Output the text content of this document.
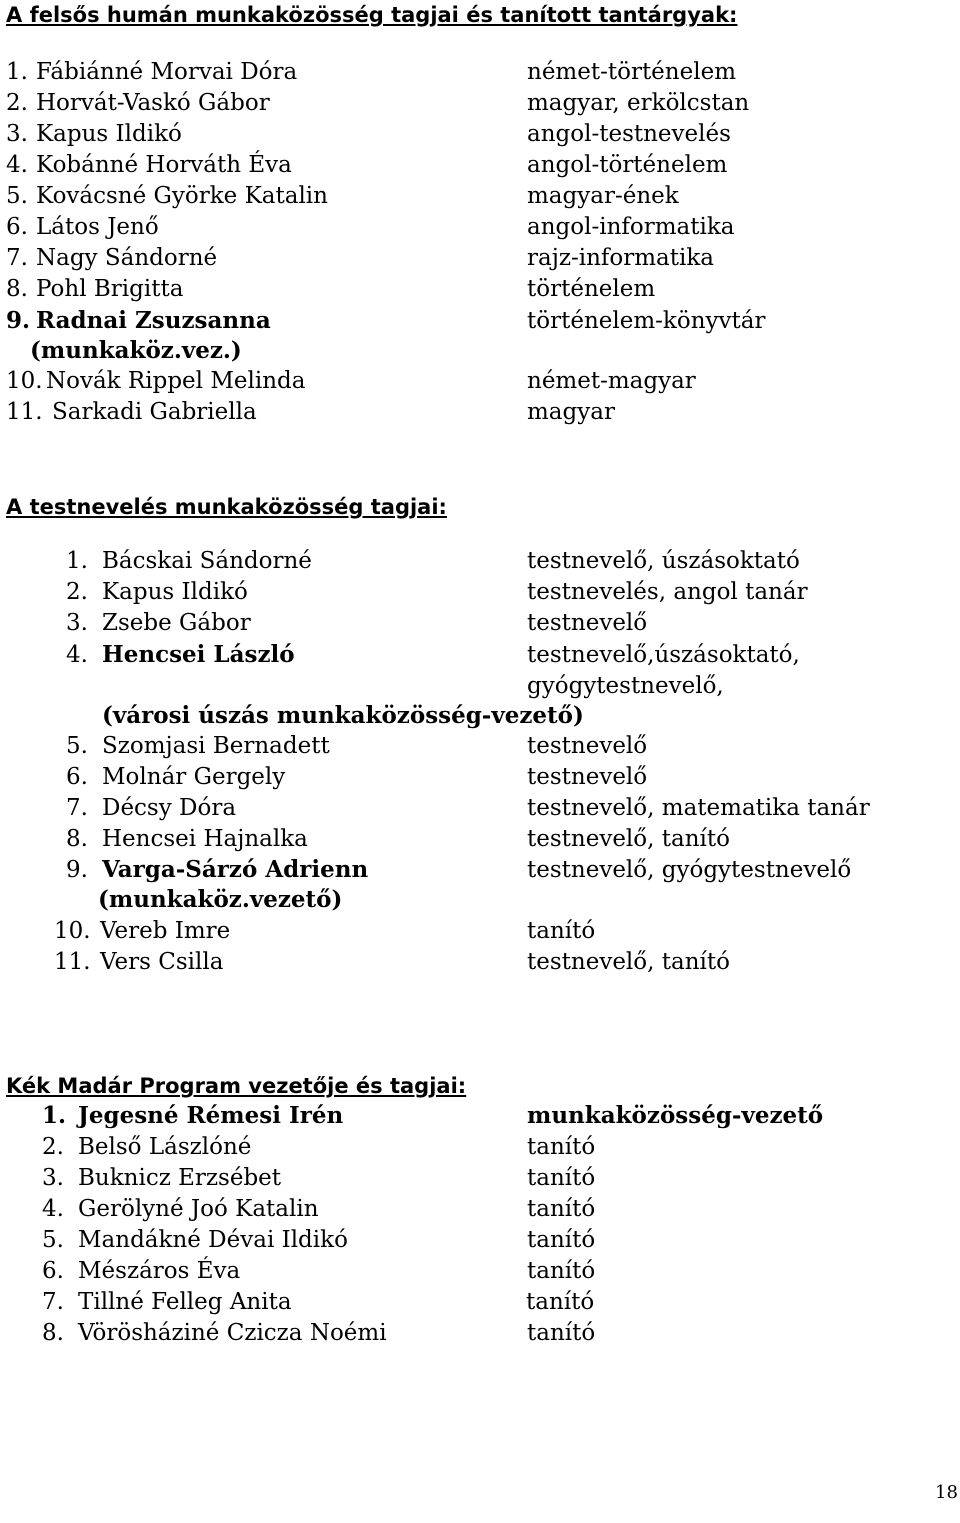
A felsős humán munkaközösség tagjai és tanított tantárgyak:
1. Fábiánné Morvai Dóra	német-történelem
2. Horvát-Vaskó Gábor	magyar, erkölcstan
3. Kapus Ildikó	angol-testnevelés
4. Kobánné Horváth Éva	angol-történelem
5. Kovácsné Györke Katalin	magyar-ének
6. Látos Jenő	angol-informatika
7. Nagy Sándorné	rajz-informatika
8. Pohl Brigitta	történelem
9. Radnai Zsuzsanna	történelem-könyvtár
(munkaköz.vez.)
10. Novák Rippel Melinda	német-magyar
11. Sarkadi Gabriella	magyar
A testnevelés munkaközösség tagjai:
1. Bácskai Sándorné	testnevelő, úszásoktató
2. Kapus Ildikó	testnevelés, angol tanár
3. Zsebe Gábor	testnevelő
4. Hencsei László	testnevelő,úszásoktató,
gyógytestnevelő,
(városi úszás munkaközösség-vezető)
5. Szomjasi Bernadett	testnevelő
6. Molnár Gergely	testnevelő
7. Décsy Dóra	testnevelő, matematika tanár
8. Hencsei Hajnalka	testnevelő, tanító
9. Varga-Sárzó Adrienn	testnevelő, gyógytestnevelő
(munkaköz.vezető)
10. Vereb Imre	tanító
11. Vers Csilla	testnevelő, tanító
Kék Madár Program vezetője és tagjai:
1. Jegesné Rémesi Irén	munkaközösség-vezető
2. Belső Lászlóné	tanító
3. Buknicz Erzsébet	tanító
4. Gerölyné Joó Katalin	tanító
5. Mandákné Dévai Ildikó	tanító
6. Mészáros Éva	tanító
7. Tillné Felleg Anita	tanító
8. Vörösháziné Czicza Noémi	tanító
18
